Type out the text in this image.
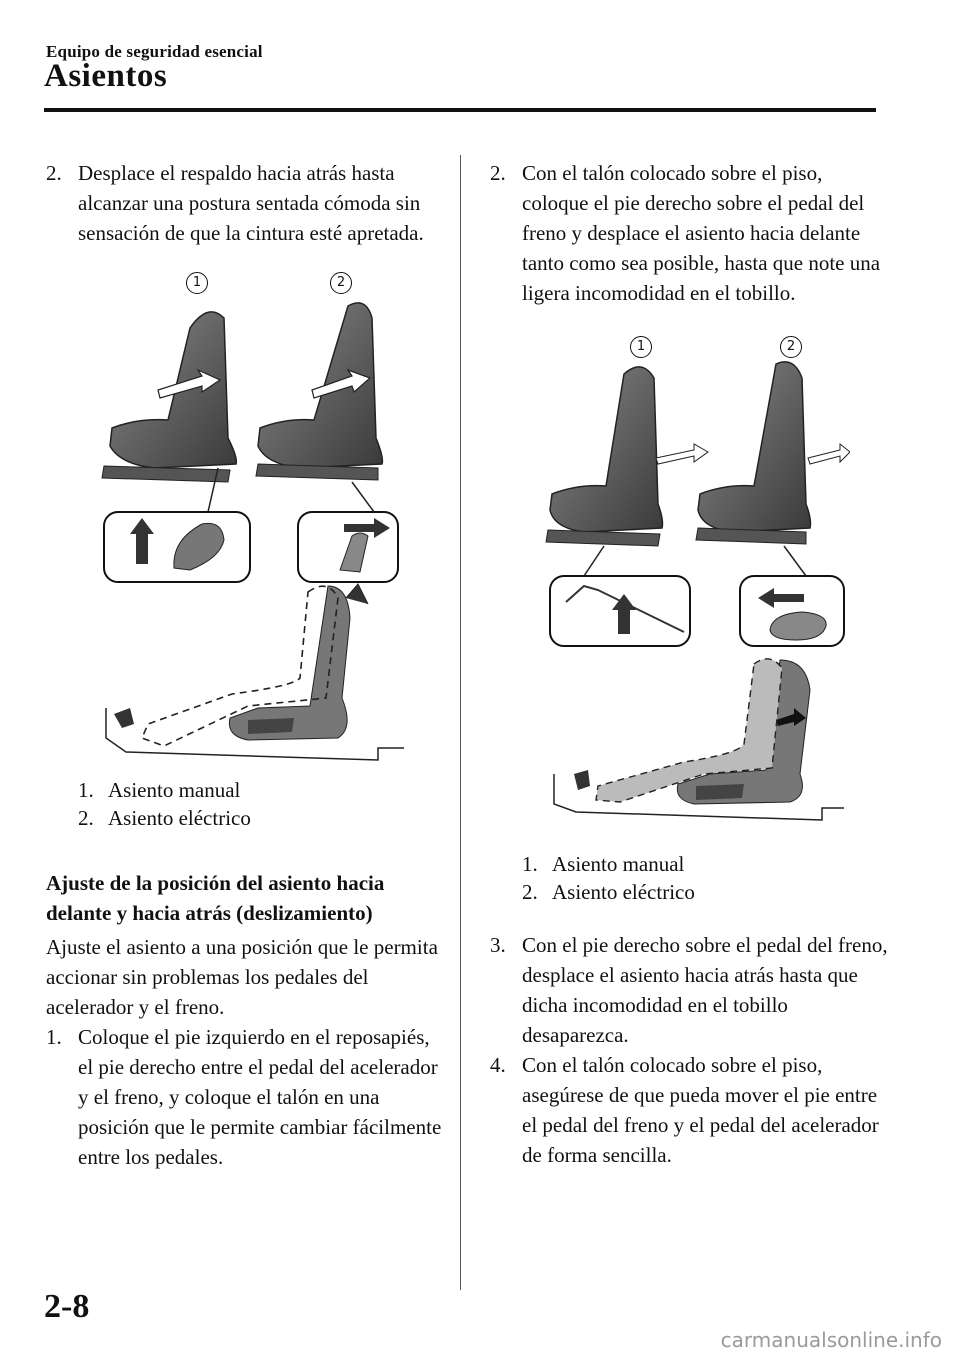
Equipo de seguridad esencial
Asientos
2. Desplace el respaldo hacia atrás hasta alcanzar una postura sentada cómoda sin sensación de que la cintura esté apretada.
1	2
1. Asiento manual
2. Asiento eléctrico
Ajuste de la posición del asiento hacia delante y hacia atrás (deslizamiento)
Ajuste el asiento a una posición que le permita accionar sin problemas los pedales del acelerador y el freno.
1. Coloque el pie izquierdo en el reposapiés, el pie derecho entre el pedal del acelerador y el freno, y coloque el talón en una posición que le permite cambiar fácilmente entre los pedales.
2. Con el talón colocado sobre el piso, coloque el pie derecho sobre el pedal del freno y desplace el asiento hacia delante tanto como sea posible, hasta que note una ligera incomodidad en el tobillo.
1	2
1. Asiento manual
2. Asiento eléctrico
3. Con el pie derecho sobre el pedal del freno, desplace el asiento hacia atrás hasta que dicha incomodidad en el tobillo desaparezca.
4. Con el talón colocado sobre el piso, asegúrese de que pueda mover el pie entre el pedal del freno y el pedal del acelerador de forma sencilla.
2-8
carmanualsonline.info
